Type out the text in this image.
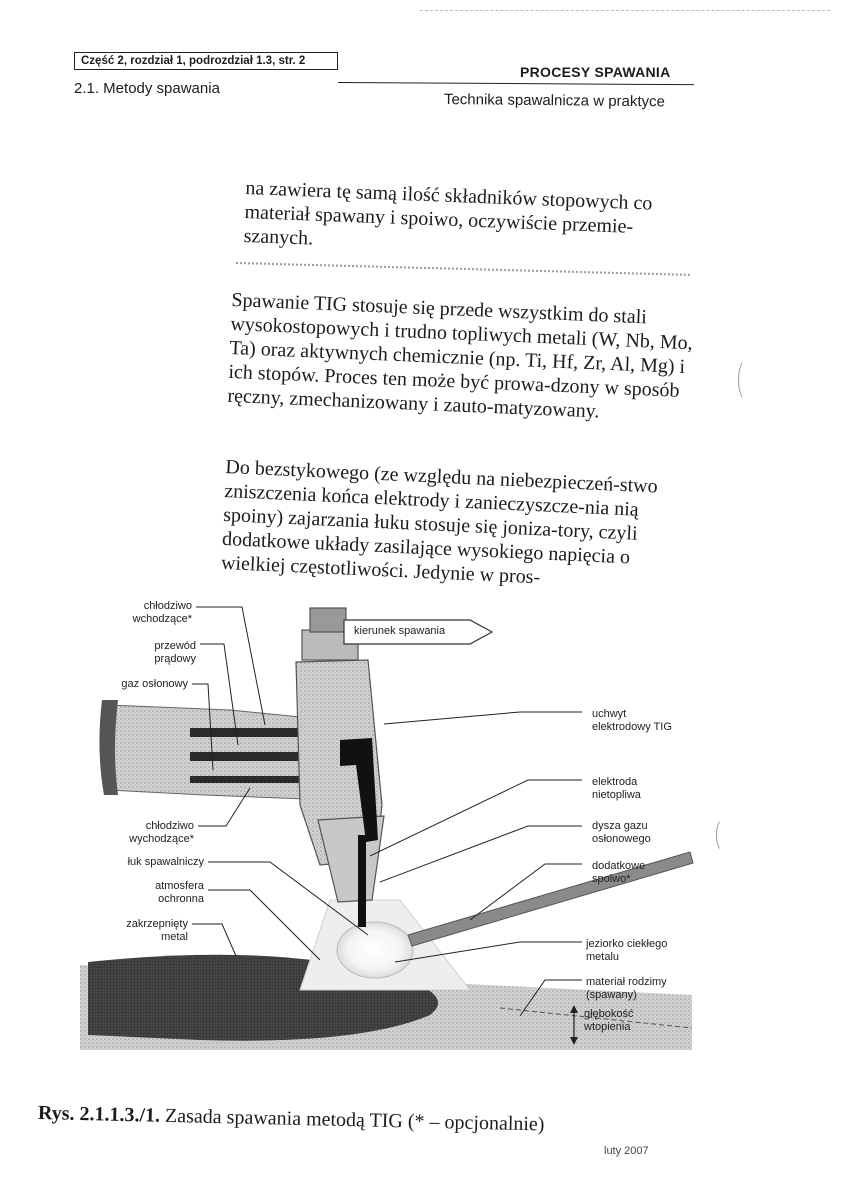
Część 2, rozdział 1, podrozdział 1.3, str. 2
2.1. Metody spawania
PROCESY SPAWANIA
Technika spawalnicza w praktyce
na zawiera tę samą ilość składników stopowych co materiał spawany i spoiwo, oczywiście przemie-szanych.
Spawanie TIG stosuje się przede wszystkim do stali wysokostopowych i trudno topliwych metali (W, Nb, Mo, Ta) oraz aktywnych chemicznie (np. Ti, Hf, Zr, Al, Mg) i ich stopów. Proces ten może być prowa-dzony w sposób ręczny, zmechanizowany i zauto-matyzowany.
Do bezstykowego (ze względu na niebezpieczeń-stwo zniszczenia końca elektrody i zanieczyszcze-nia nią spoiny) zajarzania łuku stosuje się joniza-tory, czyli dodatkowe układy zasilające wysokiego napięcia o wielkiej częstotliwości. Jedynie w pros-
kierunek spawania
chłodziwo
wchodzące*
przewód
prądowy
gaz osłonowy
chłodziwo
wychodzące*
łuk spawalniczy
atmosfera
ochronna
zakrzepnięty
metal
uchwyt
elektrodowy TIG
elektroda
nietopliwa
dysza gazu
osłonowego
dodatkowe
spoiwo*
jeziorko ciekłego
metalu
materiał rodzimy
(spawany)
głębokość
wtopienia
Rys. 2.1.1.3./1. Zasada spawania metodą TIG (* – opcjonalnie)
luty 2007
